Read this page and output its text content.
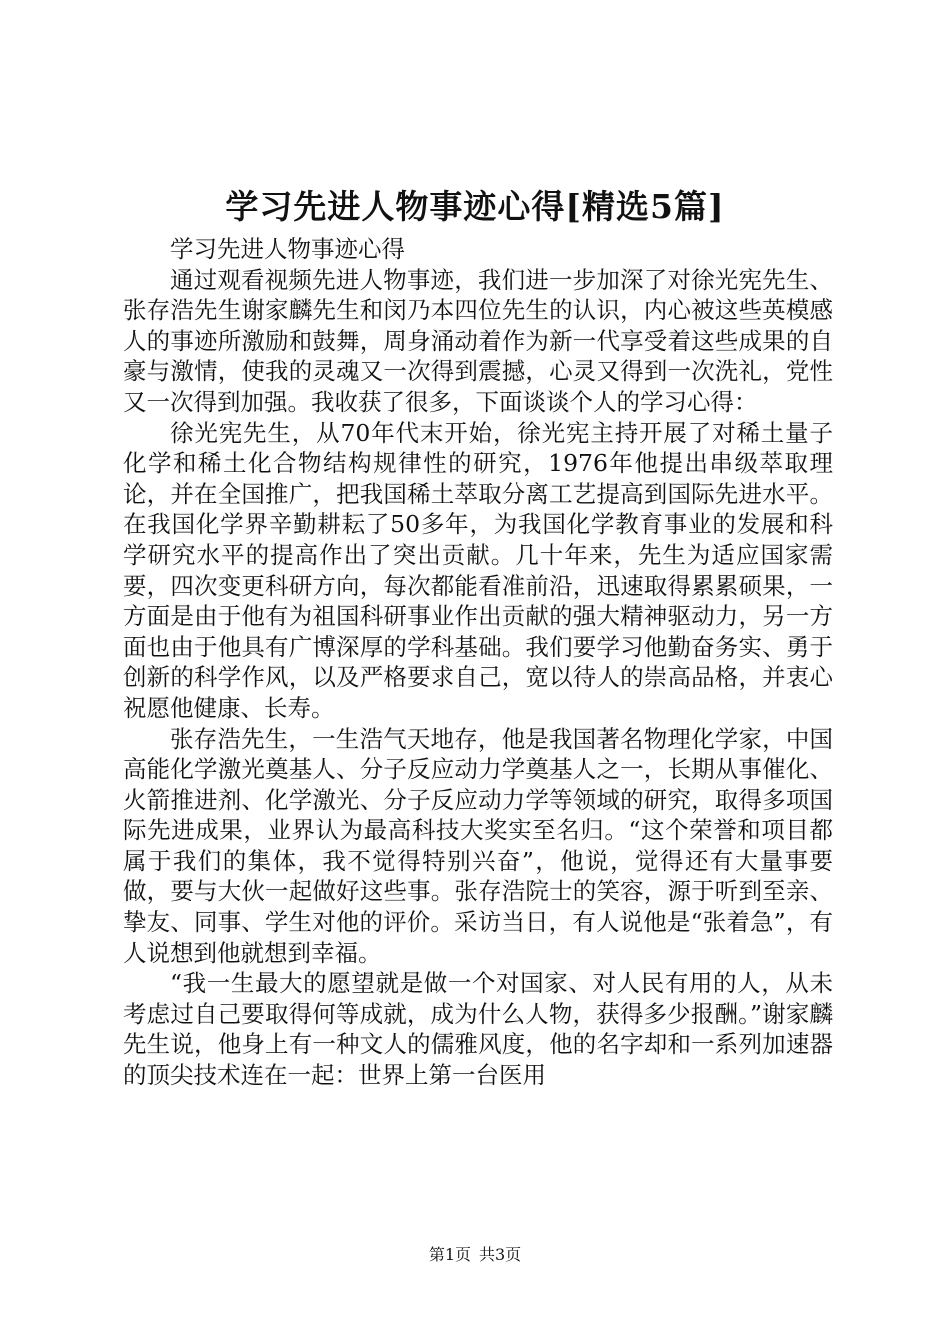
学习先进人物事迹心得[精选5篇]

学习先进人物事迹心得

通过观看视频先进人物事迹，我们进一步加深了对徐光宪先生、张存浩先生谢家麟先生和闵乃本四位先生的认识，内心被这些英模感人的事迹所激励和鼓舞，周身涌动着作为新一代享受着这些成果的自豪与激情，使我的灵魂又一次得到震撼，心灵又得到一次洗礼，党性又一次得到加强。我收获了很多，下面谈谈个人的学习心得：

徐光宪先生，从70年代末开始，徐光宪主持开展了对稀土量子化学和稀土化合物结构规律性的研究，1976年他提出串级萃取理论，并在全国推广，把我国稀土萃取分离工艺提高到国际先进水平。在我国化学界辛勤耕耘了50多年，为我国化学教育事业的发展和科学研究水平的提高作出了突出贡献。几十年来，先生为适应国家需要，四次变更科研方向，每次都能看准前沿，迅速取得累累硕果，一方面是由于他有为祖国科研事业作出贡献的强大精神驱动力，另一方面也由于他具有广博深厚的学科基础。我们要学习他勤奋务实、勇于创新的科学作风，以及严格要求自己，宽以待人的崇高品格，并衷心祝愿他健康、长寿。

张存浩先生，一生浩气天地存，他是我国著名物理化学家，中国高能化学激光奠基人、分子反应动力学奠基人之一，长期从事催化、火箭推进剂、化学激光、分子反应动力学等领域的研究，取得多项国际先进成果，业界认为最高科技大奖实至名归。“这个荣誉和项目都属于我们的集体，我不觉得特别兴奋”，他说，觉得还有大量事要做，要与大伙一起做好这些事。张存浩院士的笑容，源于听到至亲、挚友、同事、学生对他的评价。采访当日，有人说他是“张着急”，有人说想到他就想到幸福。

“我一生最大的愿望就是做一个对国家、对人民有用的人，从未考虑过自己要取得何等成就，成为什么人物，获得多少报酬。”谢家麟先生说，他身上有一种文人的儒雅风度，他的名字却和一系列加速器的顶尖技术连在一起：世界上第一台医用

第1页 共3页
